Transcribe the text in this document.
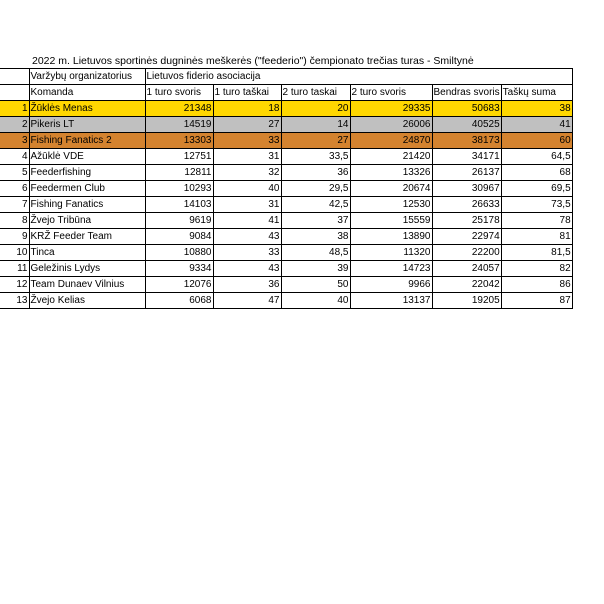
2022 m. Lietuvos sportinės dugninės meškerės ("feederio") čempionato trečias turas - Smiltynė
	Varžybų organizatorius	Lietuvos fiderio asociacija					
	Komanda	1 turo svoris	1 turo taškai	2 turo taskai	2 turo svoris	Bendras svoris	Taškų suma
1	Žūklės Menas	21348	18	20	29335	50683	38
2	Pikeris LT	14519	27	14	26006	40525	41
3	Fishing Fanatics 2	13303	33	27	24870	38173	60
4	Ažūklė VDE	12751	31	33,5	21420	34171	64,5
5	Feederfishing	12811	32	36	13326	26137	68
6	Feedermen Club	10293	40	29,5	20674	30967	69,5
7	Fishing Fanatics	14103	31	42,5	12530	26633	73,5
8	Žvejo Tribūna	9619	41	37	15559	25178	78
9	KRŽ Feeder Team	9084	43	38	13890	22974	81
10	Tinca	10880	33	48,5	11320	22200	81,5
11	Geležinis Lydys	9334	43	39	14723	24057	82
12	Team Dunaev Vilnius	12076	36	50	9966	22042	86
13	Žvejo Kelias	6068	47	40	13137	19205	87
